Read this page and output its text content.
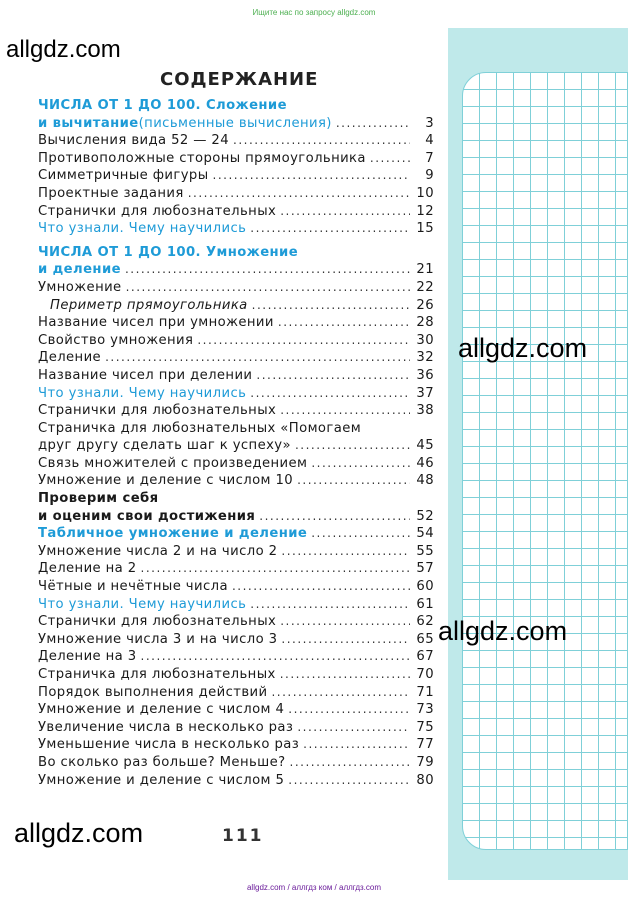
Ищите нас по запросу allgdz.com
allgdz.com
СОДЕРЖАНИЕ
ЧИСЛА ОТ 1 ДО 100. Сложение
и вычитание (письменные вычисления) .....	3
Вычисления вида 52 — 24 .....	4
Противоположные стороны прямоугольника .....	7
Симметричные фигуры .....	9
Проектные задания .....	10
Странички для любознательных .....	12
Что узнали. Чему научились .....	15
ЧИСЛА ОТ 1 ДО 100. Умножение
и деление .....	21
Умножение .....	22
Периметр прямоугольника .....	26
Название чисел при умножении .....	28
Свойство умножения .....	30
Деление .....	32
Название чисел при делении .....	36
Что узнали. Чему научились .....	37
Странички для любознательных .....	38
Страничка для любознательных «Помогаем
друг другу сделать шаг к успеху» .....	45
Связь множителей с произведением .....	46
Умножение и деление с числом 10 .....	48
Проверим себя
и оценим свои достижения .....	52
Табличное умножение и деление .....	54
Умножение числа 2 и на число 2 .....	55
Деление на 2 .....	57
Чётные и нечётные числа .....	60
Что узнали. Чему научились .....	61
Странички для любознательных .....	62
Умножение числа 3 и на число 3 .....	65
Деление на 3 .....	67
Страничка для любознательных .....	70
Порядок выполнения действий .....	71
Умножение и деление с числом 4 .....	73
Увеличение числа в несколько раз .....	75
Уменьшение числа в несколько раз .....	77
Во сколько раз больше? Меньше? .....	79
Умножение и деление с числом 5 .....	80
allgdz.com
allgdz.com
allgdz.com	111
allgdz.com / аллгдз ком / аллгдз.com
